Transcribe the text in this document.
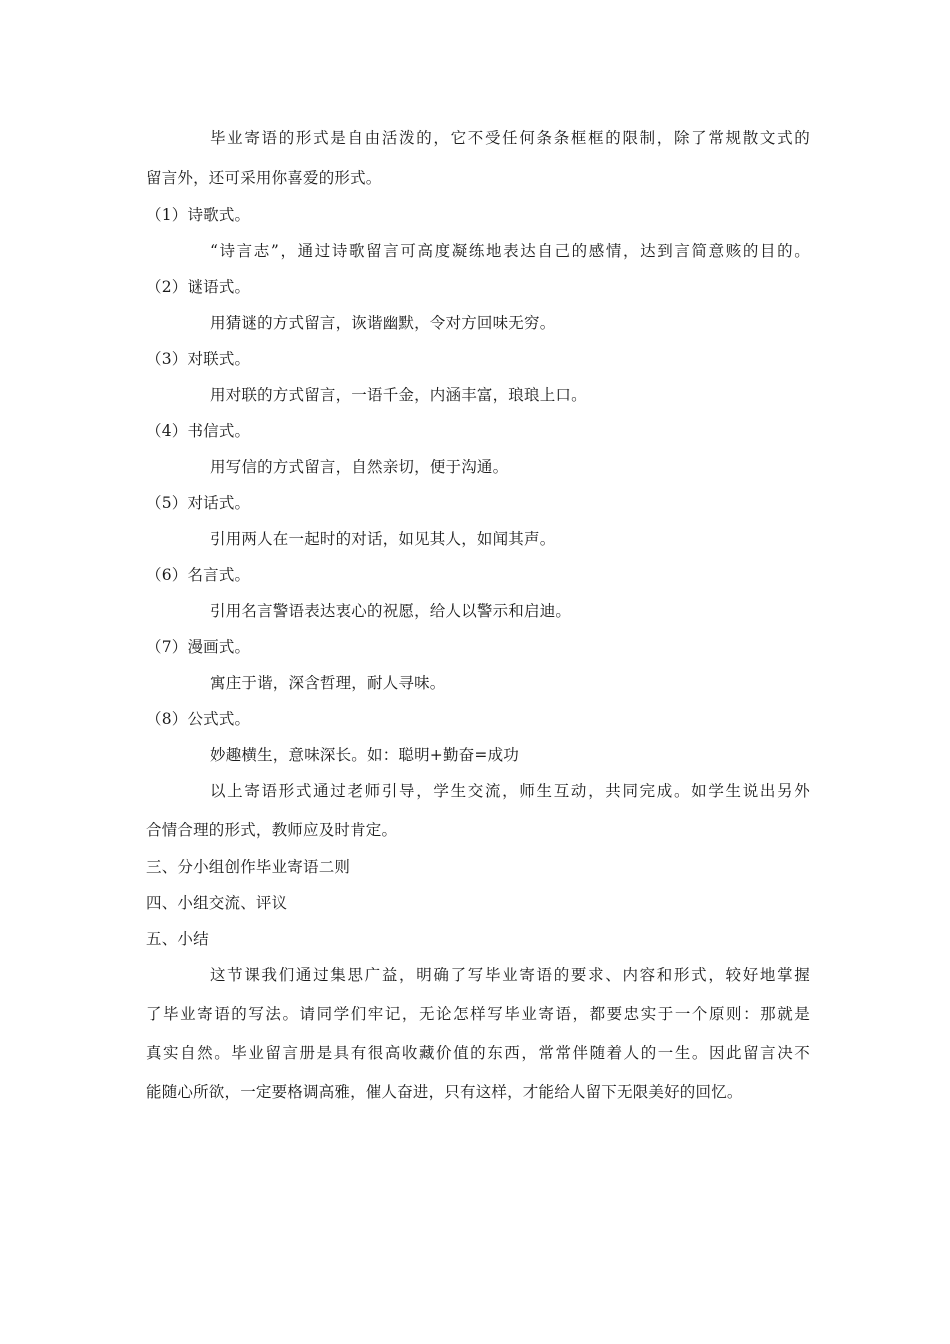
毕业寄语的形式是自由活泼的，它不受任何条条框框的限制，除了常规散文式的
留言外，还可采用你喜爱的形式。
（1）诗歌式。
“诗言志”，通过诗歌留言可高度凝练地表达自己的感情，达到言简意赅的目的。
（2）谜语式。
用猜谜的方式留言，诙谐幽默，令对方回味无穷。
（3）对联式。
用对联的方式留言，一语千金，内涵丰富，琅琅上口。
（4）书信式。
用写信的方式留言，自然亲切，便于沟通。
（5）对话式。
引用两人在一起时的对话，如见其人，如闻其声。
（6）名言式。
引用名言警语表达衷心的祝愿，给人以警示和启迪。
（7）漫画式。
寓庄于谐，深含哲理，耐人寻味。
（8）公式式。
妙趣横生，意味深长。如：聪明+勤奋=成功
以上寄语形式通过老师引导，学生交流，师生互动，共同完成。如学生说出另外
合情合理的形式，教师应及时肯定。
三、分小组创作毕业寄语二则
四、小组交流、评议
五、小结
这节课我们通过集思广益，明确了写毕业寄语的要求、内容和形式，较好地掌握
了毕业寄语的写法。请同学们牢记，无论怎样写毕业寄语，都要忠实于一个原则：那就是
真实自然。毕业留言册是具有很高收藏价值的东西，常常伴随着人的一生。因此留言决不
能随心所欲，一定要格调高雅，催人奋进，只有这样，才能给人留下无限美好的回忆。
